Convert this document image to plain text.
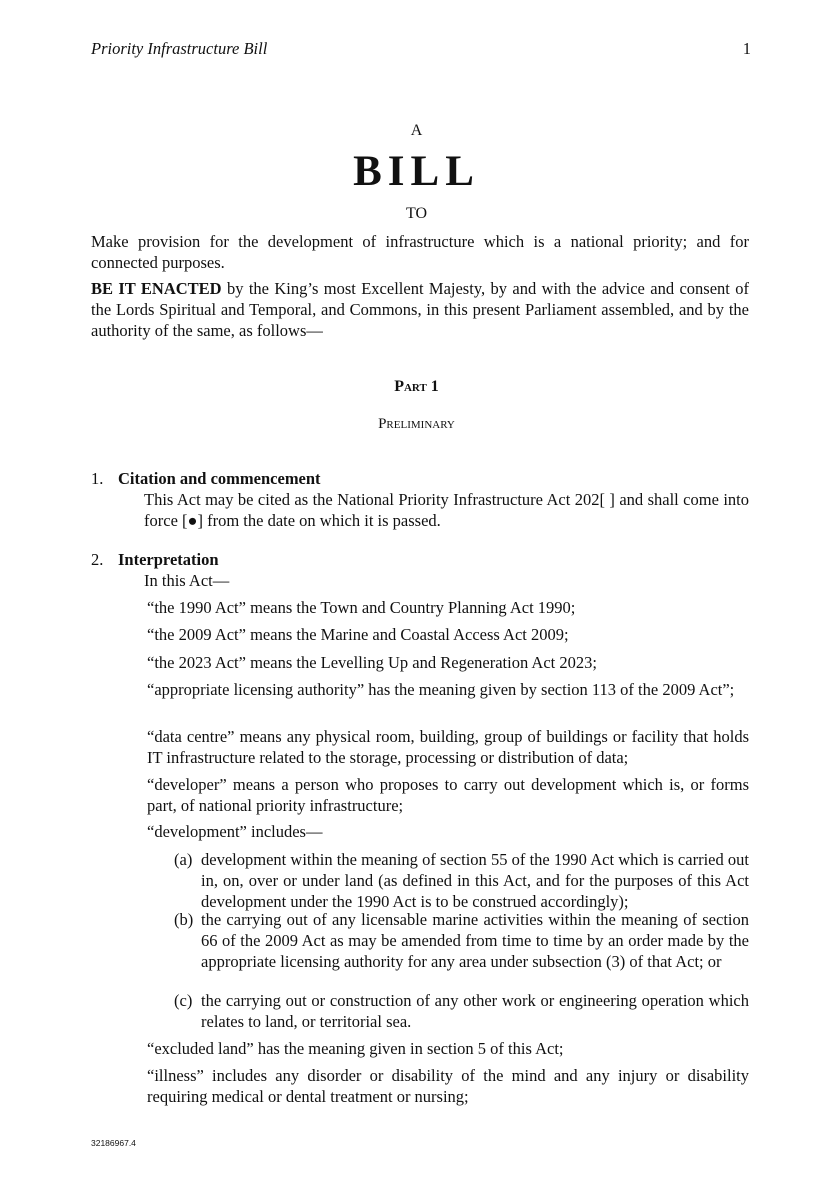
Priority Infrastructure Bill	1
A
BILL
TO
Make provision for the development of infrastructure which is a national priority; and for connected purposes.
BE IT ENACTED by the King’s most Excellent Majesty, by and with the advice and consent of the Lords Spiritual and Temporal, and Commons, in this present Parliament assembled, and by the authority of the same, as follows—
Part 1
Preliminary
1. Citation and commencement
This Act may be cited as the National Priority Infrastructure Act 202[ ] and shall come into force [●] from the date on which it is passed.
2. Interpretation
In this Act—
“the 1990 Act” means the Town and Country Planning Act 1990;
“the 2009 Act” means the Marine and Coastal Access Act 2009;
“the 2023 Act” means the Levelling Up and Regeneration Act 2023;
“appropriate licensing authority” has the meaning given by section 113 of the 2009 Act”;
“data centre” means any physical room, building, group of buildings or facility that holds IT infrastructure related to the storage, processing or distribution of data;
“developer” means a person who proposes to carry out development which is, or forms part, of national priority infrastructure;
“development” includes—
(a) development within the meaning of section 55 of the 1990 Act which is carried out in, on, over or under land (as defined in this Act, and for the purposes of this Act development under the 1990 Act is to be construed accordingly);
(b) the carrying out of any licensable marine activities within the meaning of section 66 of the 2009 Act as may be amended from time to time by an order made by the appropriate licensing authority for any area under subsection (3) of that Act; or
(c) the carrying out or construction of any other work or engineering operation which relates to land, or territorial sea.
“excluded land” has the meaning given in section 5 of this Act;
“illness” includes any disorder or disability of the mind and any injury or disability requiring medical or dental treatment or nursing;
32186967.4
